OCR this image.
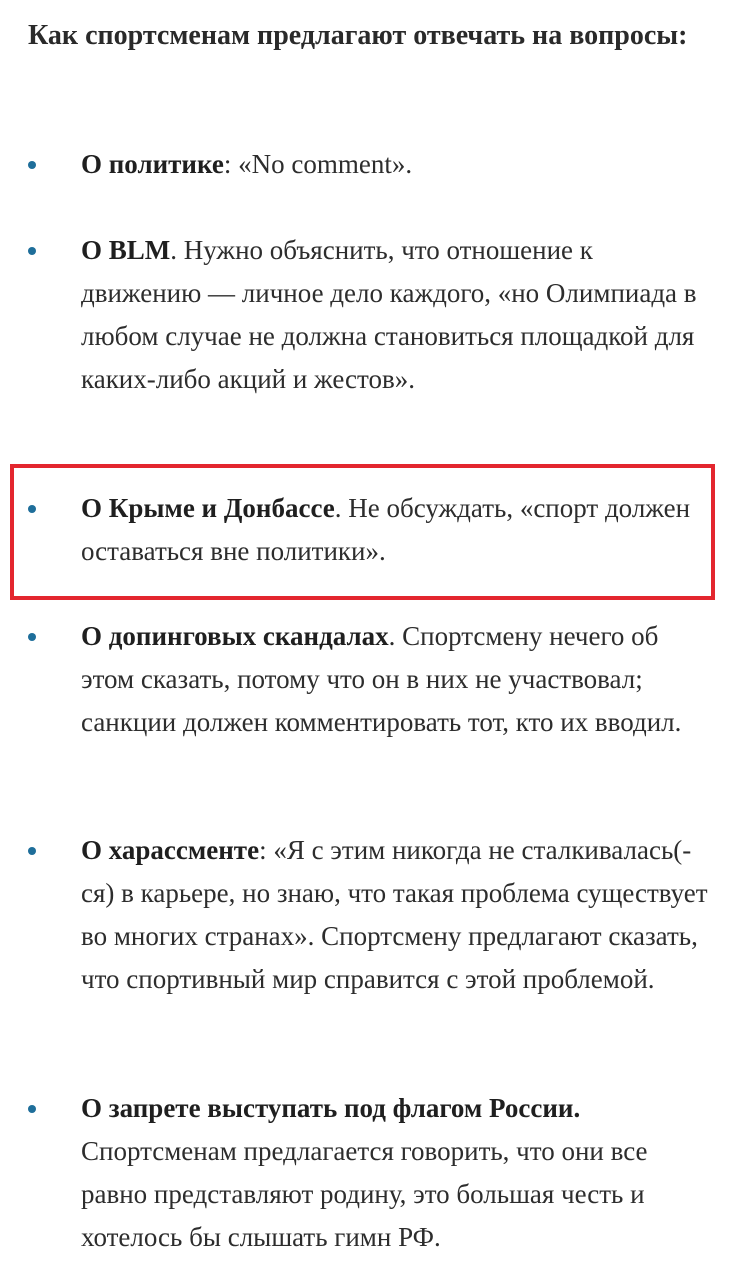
Как спортсменам предлагают отвечать на вопросы:

О политике: «No comment».

О BLM. Нужно объяснить, что отношение к движению — личное дело каждого, «но Олимпиада в любом случае не должна становиться площадкой для каких-либо акций и жестов».

О Крыме и Донбассе. Не обсуждать, «спорт должен оставаться вне политики».

О допинговых скандалах. Спортсмену нечего об этом сказать, потому что он в них не участвовал; санкции должен комментировать тот, кто их вводил.

О харассменте: «Я с этим никогда не сталкивалась(-ся) в карьере, но знаю, что такая проблема существует во многих странах». Спортсмену предлагают сказать, что спортивный мир справится с этой проблемой.

О запрете выступать под флагом России. Спортсменам предлагается говорить, что они все равно представляют родину, это большая честь и хотелось бы слышать гимн РФ.
